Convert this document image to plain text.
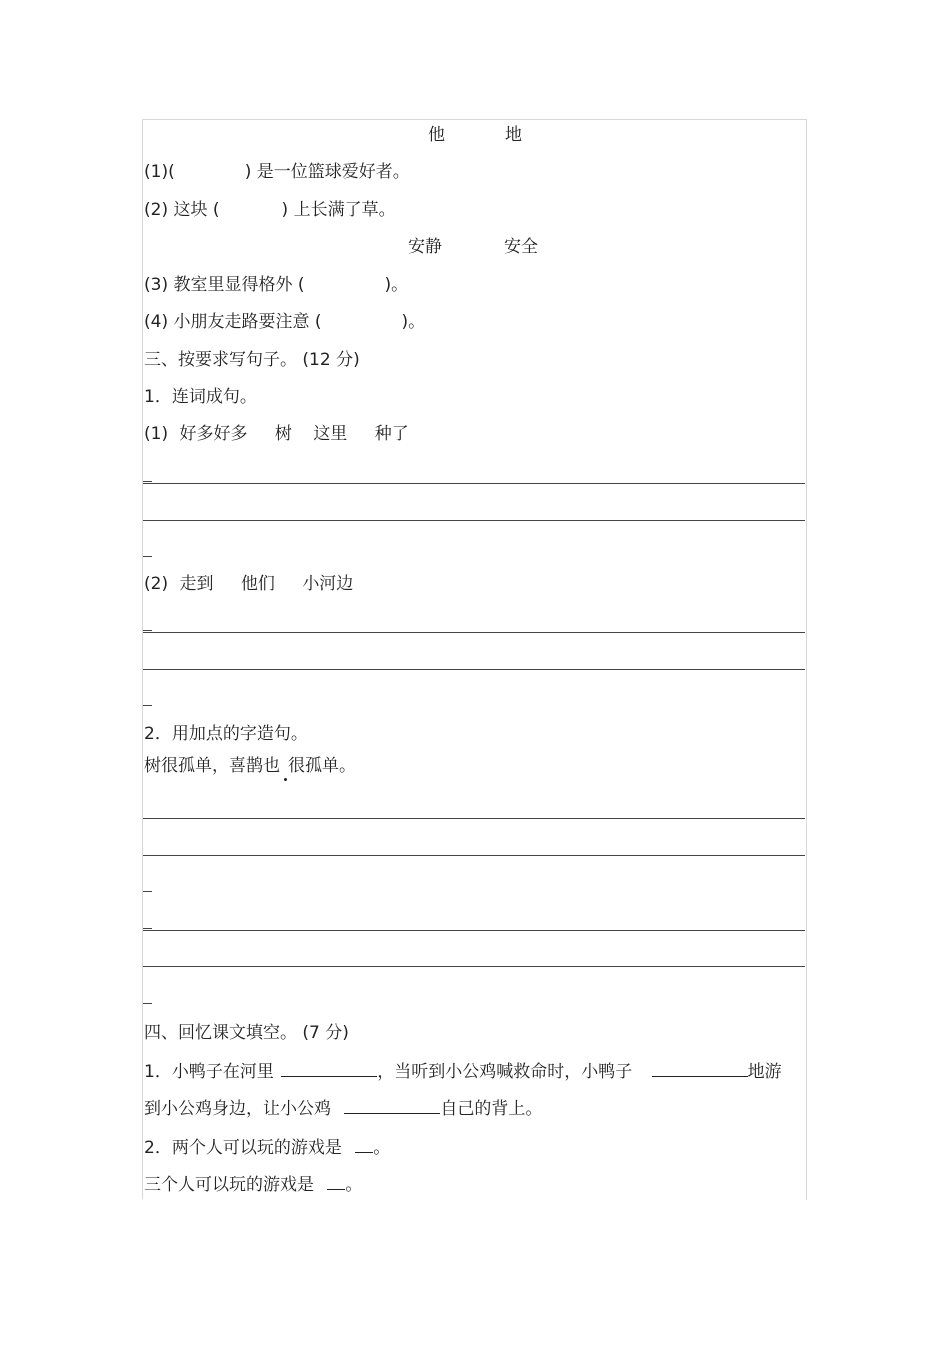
他	地
(1)(	) 是一位篮球爱好者。
(2) 这块 (	) 上长满了草。
安静	安全
(3) 教室里显得格外 (	)。
(4) 小朋友走路要注意 (	)。
三、按要求写句子。 (12 分)
1．连词成句。
(1) 好多好多 树 这里 种了
(2) 走到 他们 小河边
2．用加点的字造句。
树很孤单，喜鹊也 很孤单。
四、回忆课文填空。 (7 分)
1．小鸭子在河里	，当听到小公鸡喊救命时，小鸭子	地游
到小公鸡身边，让小公鸡	自己的背上。
2．两个人可以玩的游戏是 。
三个人可以玩的游戏是 。
